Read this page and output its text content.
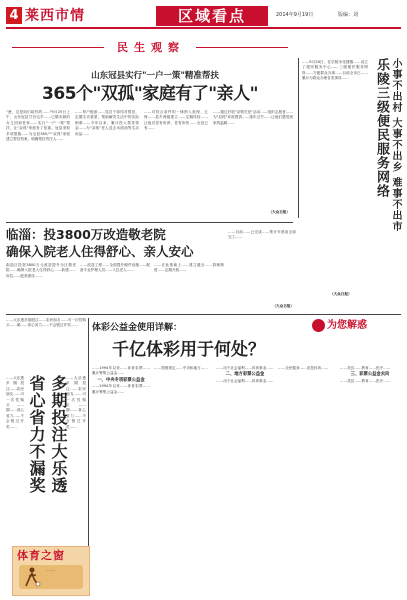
4 莱西市情	区域看点	2014年9月19日	版编：刘
民生观察
山东冠县实行"一户一策"精准帮扶
365个"双孤"家庭有了"亲人"
"爸，这是咱们给你的……"9月25日上午，山东冠县甘官屯乡……已婚未嫁的女儿回到老家……实行"一户一策"帮扶，让"双孤"家庭有了依靠。冠县采取多项措施……为全县365户"双孤"家庭建立帮扶档案，明确帮扶责任人……
……每户配备……党员干部结对帮扶，定期走访看望，帮助解决生活中的实际困难……今年以来，累计投入帮扶资金……为"双孤"老人送去米面油等生活用品……
……对符合条件的一律纳入低保、五保……县乡两级建立……定期体检……让他们老有所养、老有所依……全县已有……
……通过开展"亲情关爱"活动……组织志愿者……为"双孤"家庭提供……逢年过节……让他们感受到家的温暖……
（大众日报）	小事不出村 大事不出乡 难事不出市
乐陵三级便民服务网络
……9月26日，在乐陵市化楼镇……设立了便民服务中心……三级便民服务网络……方便群众办事……目前全市已……累计为群众办理各类事项……
（大众日报）
临淄：投3800万改造敬老院
确保入院老人住得舒心、亲人安心
临淄区投资3800万元改造提升全区敬老院……确保入院老人住得舒心……新建……床位……配套建设……
……改造工程……全面提升硬件设施……配备专业护理人员……入住老人……
……在此基础上……建立健全……管理制度……定期开展……
……目前……已完成……预计年底前全部完工……
（大众日报）
多期投注大乐透
省心省力不漏奖
……大乐透多期投注……彩民朋友……可一次性购买……期……省心省力……不会错过开奖……
……大乐透多期投注……彩民朋友……可一次性购买……期……省心省力……不会错过开奖……
……大乐透多期投注……彩民朋友……可一次性购买……期……省心省力……不会错过开奖……
体育之窗
……
体彩公益金使用详解：	为您解惑
千亿体彩用于何处？
……1994年以来……体育彩票……累计筹集公益金……
一、中央专项彩票公益金
……1994年以来……体育彩票……累计筹集公益金……
……按照规定……中央和地方……	……用于社会福利……体育事业……
二、地方彩票公益金
……用于社会福利……体育事业……
……全民健身……竞技体育……	……扶贫……教育……医疗……
三、彩票公益金去向
……扶贫……教育……医疗……
